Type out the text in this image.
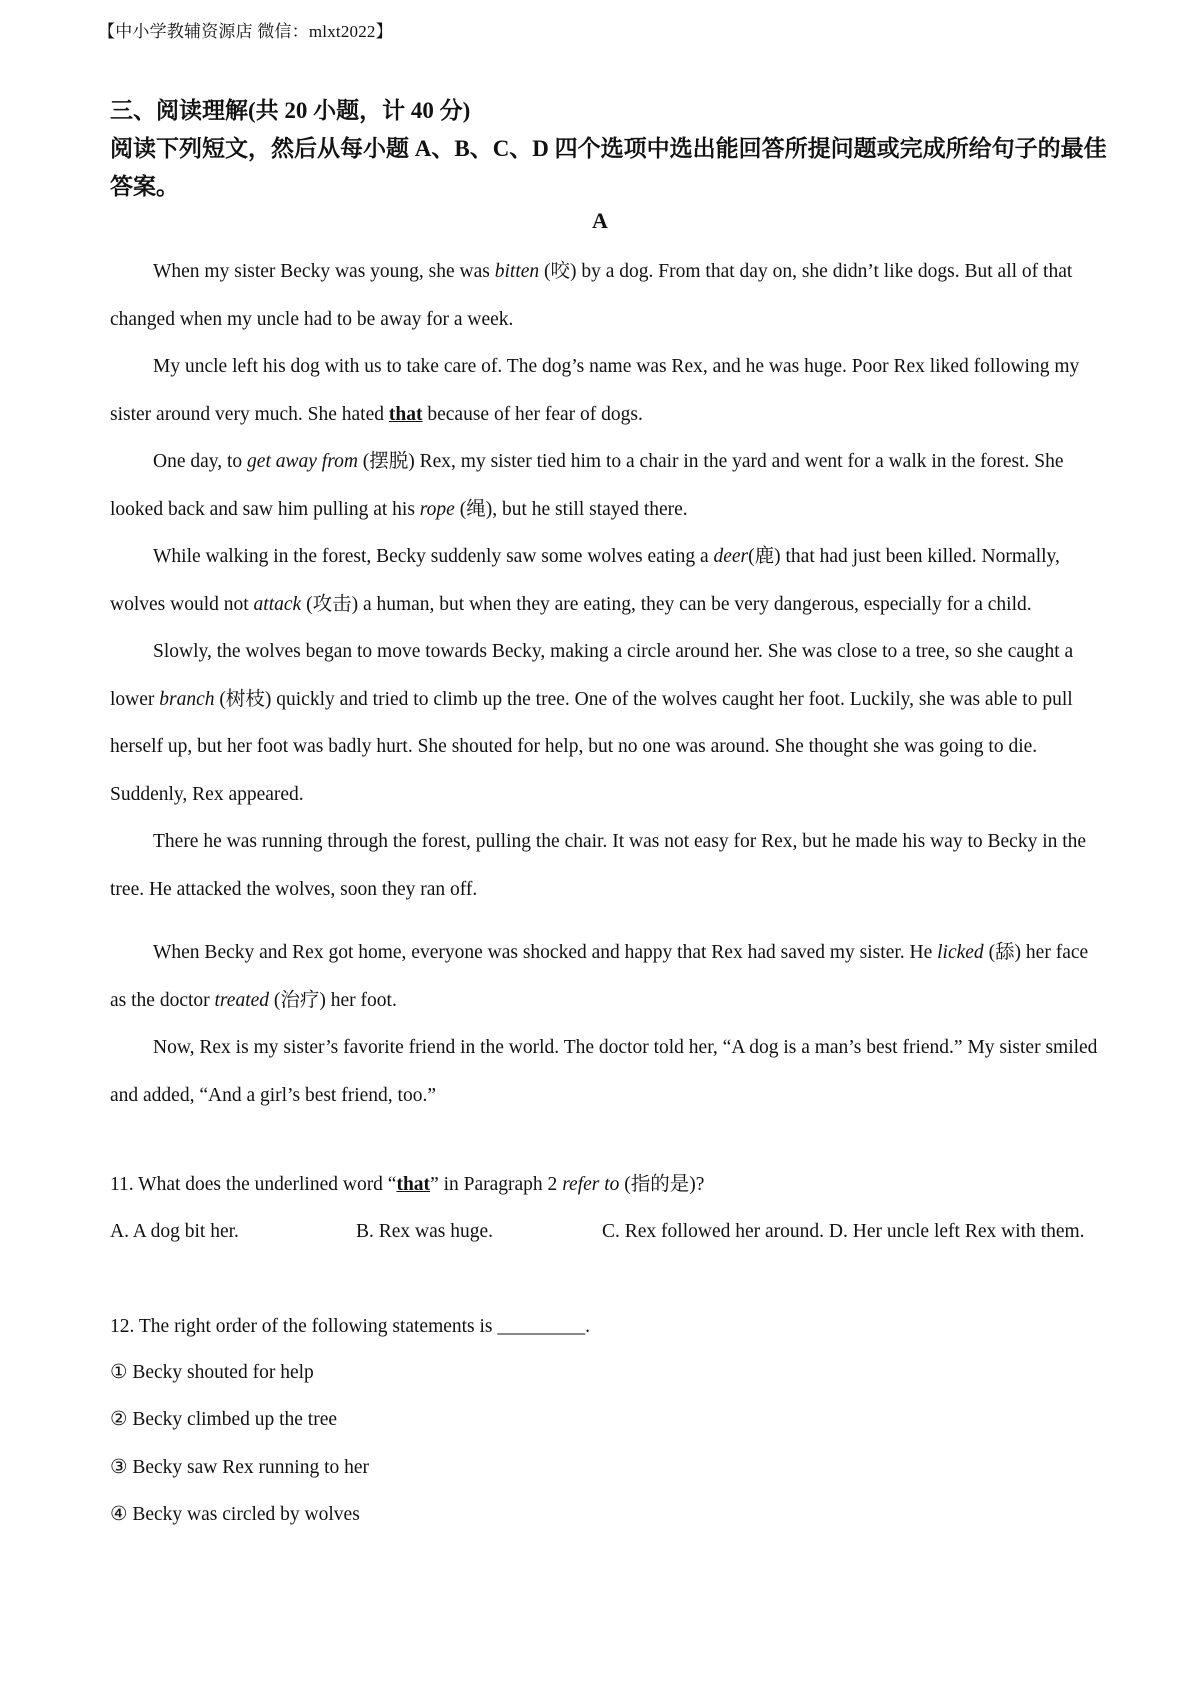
【中小学教辅资源店 微信：mlxt2022】
三、阅读理解(共 20 小题，计 40 分)
阅读下列短文，然后从每小题 A、B、C、D 四个选项中选出能回答所提问题或完成所给句子的最佳答案。
A

When my sister Becky was young, she was bitten (咬) by a dog. From that day on, she didn’t like dogs. But all of that changed when my uncle had to be away for a week.

My uncle left his dog with us to take care of. The dog’s name was Rex, and he was huge. Poor Rex liked following my sister around very much. She hated that because of her fear of dogs.

One day, to get away from (摆脱) Rex, my sister tied him to a chair in the yard and went for a walk in the forest. She looked back and saw him pulling at his rope (绳), but he still stayed there.

While walking in the forest, Becky suddenly saw some wolves eating a deer(鹿) that had just been killed. Normally, wolves would not attack (攻击) a human, but when they are eating, they can be very dangerous, especially for a child.

Slowly, the wolves began to move towards Becky, making a circle around her. She was close to a tree, so she caught a lower branch (树枝) quickly and tried to climb up the tree. One of the wolves caught her foot. Luckily, she was able to pull herself up, but her foot was badly hurt. She shouted for help, but no one was around. She thought she was going to die. Suddenly, Rex appeared.

There he was running through the forest, pulling the chair. It was not easy for Rex, but he made his way to Becky in the tree. He attacked the wolves, soon they ran off.

When Becky and Rex got home, everyone was shocked and happy that Rex had saved my sister. He licked (舔) her face as the doctor treated (治疗) her foot.

Now, Rex is my sister’s favorite friend in the world. The doctor told her, “A dog is a man’s best friend.” My sister smiled and added, “And a girl’s best friend, too.”

11. What does the underlined word “that” in Paragraph 2 refer to (指的是)?
A. A dog bit her.	B. Rex was huge.	C. Rex followed her around. D. Her uncle left Rex with them.
12. The right order of the following statements is _________.
① Becky shouted for help
② Becky climbed up the tree
③ Becky saw Rex running to her
④ Becky was circled by wolves
